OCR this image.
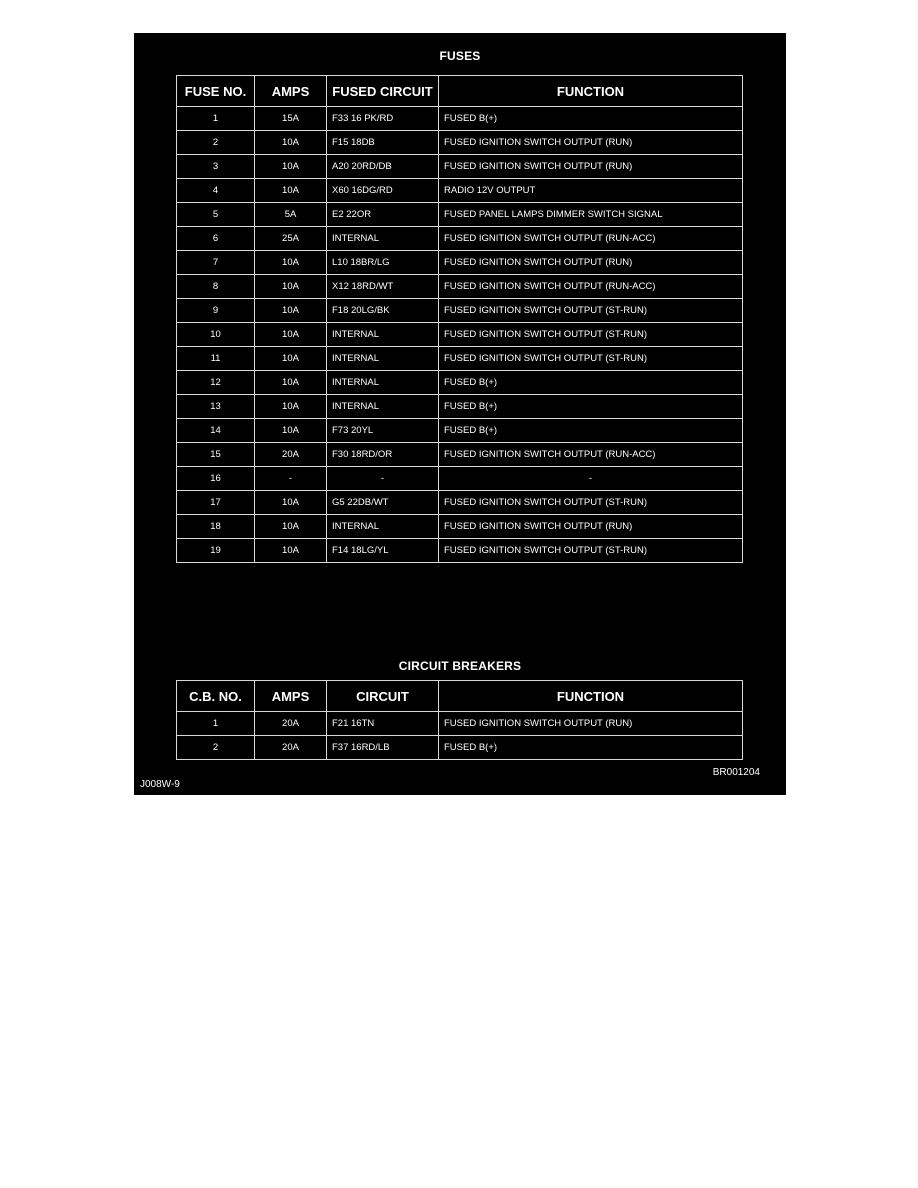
FUSES
FUSE NO.	AMPS	FUSED CIRCUIT	FUNCTION
1	15A	F33 16 PK/RD	FUSED B(+)
2	10A	F15 18DB	FUSED IGNITION SWITCH OUTPUT (RUN)
3	10A	A20 20RD/DB	FUSED IGNITION SWITCH OUTPUT (RUN)
4	10A	X60 16DG/RD	RADIO 12V OUTPUT
5	5A	E2 22OR	FUSED PANEL LAMPS DIMMER SWITCH SIGNAL
6	25A	INTERNAL	FUSED IGNITION SWITCH OUTPUT (RUN-ACC)
7	10A	L10 18BR/LG	FUSED IGNITION SWITCH OUTPUT (RUN)
8	10A	X12 18RD/WT	FUSED IGNITION SWITCH OUTPUT (RUN-ACC)
9	10A	F18 20LG/BK	FUSED IGNITION SWITCH OUTPUT (ST-RUN)
10	10A	INTERNAL	FUSED IGNITION SWITCH OUTPUT (ST-RUN)
11	10A	INTERNAL	FUSED IGNITION SWITCH OUTPUT (ST-RUN)
12	10A	INTERNAL	FUSED B(+)
13	10A	INTERNAL	FUSED B(+)
14	10A	F73 20YL	FUSED B(+)
15	20A	F30 18RD/OR	FUSED IGNITION SWITCH OUTPUT (RUN-ACC)
16	-	-	-
17	10A	G5 22DB/WT	FUSED IGNITION SWITCH OUTPUT (ST-RUN)
18	10A	INTERNAL	FUSED IGNITION SWITCH OUTPUT (RUN)
19	10A	F14 18LG/YL	FUSED IGNITION SWITCH OUTPUT (ST-RUN)
CIRCUIT BREAKERS
C.B. NO.	AMPS	CIRCUIT	FUNCTION
1	20A	F21 16TN	FUSED IGNITION SWITCH OUTPUT (RUN)
2	20A	F37 16RD/LB	FUSED B(+)
J008W-9
BR001204
